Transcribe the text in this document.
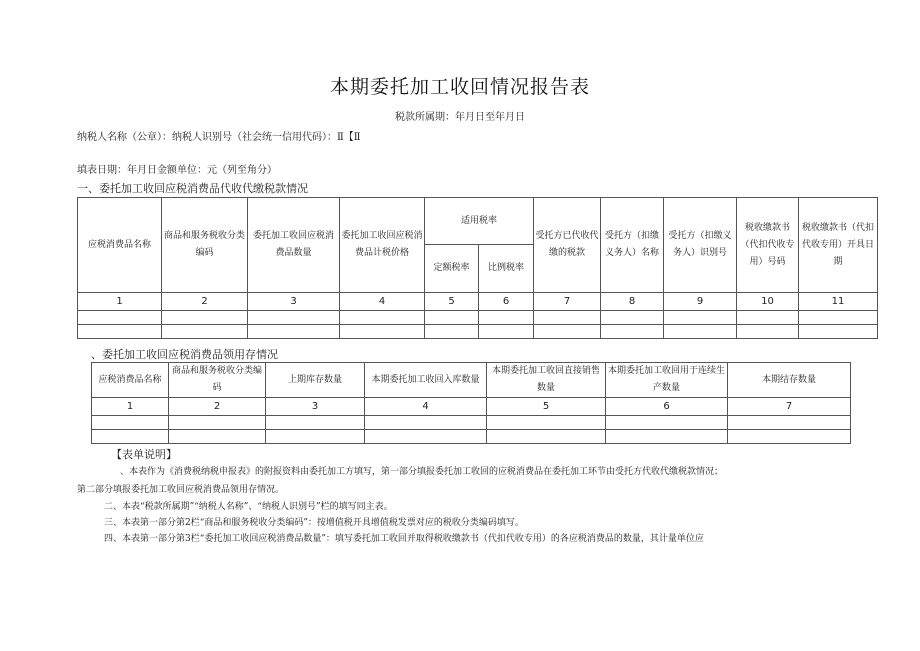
本期委托加工收回情况报告表
税款所属期：年月日至年月日
纳税人名称（公章）：纳税人识别号（社会统一信用代码）：Ⅱ【Ⅱ
填表日期：年月日金额单位：元（列至角分）
一、委托加工收回应税消费品代收代缴税款情况
应税消费品名称	商品和服务税收分类编码	委托加工收回应税消费品数量	委托加工收回应税消费品计税价格	适用税率		受托方已代收代缴的税款	受托方（扣缴义务人）名称	受托方（扣缴义务人）识别号	税收缴款书（代扣代收专用）号码	税收缴款书（代扣代收专用）开具日期
				定额税率	比例税率					
1	2	3	4	5	6	7	8	9	10	11

、委托加工收回应税消费品领用存情况
应税消费品名称	商品和服务税收分类编码	上期库存数量	本期委托加工收回入库数量	本期委托加工收回直接销售数量	本期委托加工收回用于连续生产数量	本期结存数量
1	2	3	4	5	6	7

【表单说明】
、本表作为《消费税纳税申报表》的附报资料由委托加工方填写，第一部分填报委托加工收回的应税消费品在委托加工环节由受托方代收代缴税款情况；
第二部分填报委托加工收回应税消费品领用存情况。
二、本表“税款所属期”“纳税人名称”、“纳税人识别号”栏的填写同主表。
三、本表第一部分第2栏“商品和服务税收分类编码”：按增值税开具增值税发票对应的税收分类编码填写。
四、本表第一部分第3栏“委托加工收回应税消费品数量”：填写委托加工收回并取得税收缴款书（代扣代收专用）的各应税消费品的数量，其计量单位应
